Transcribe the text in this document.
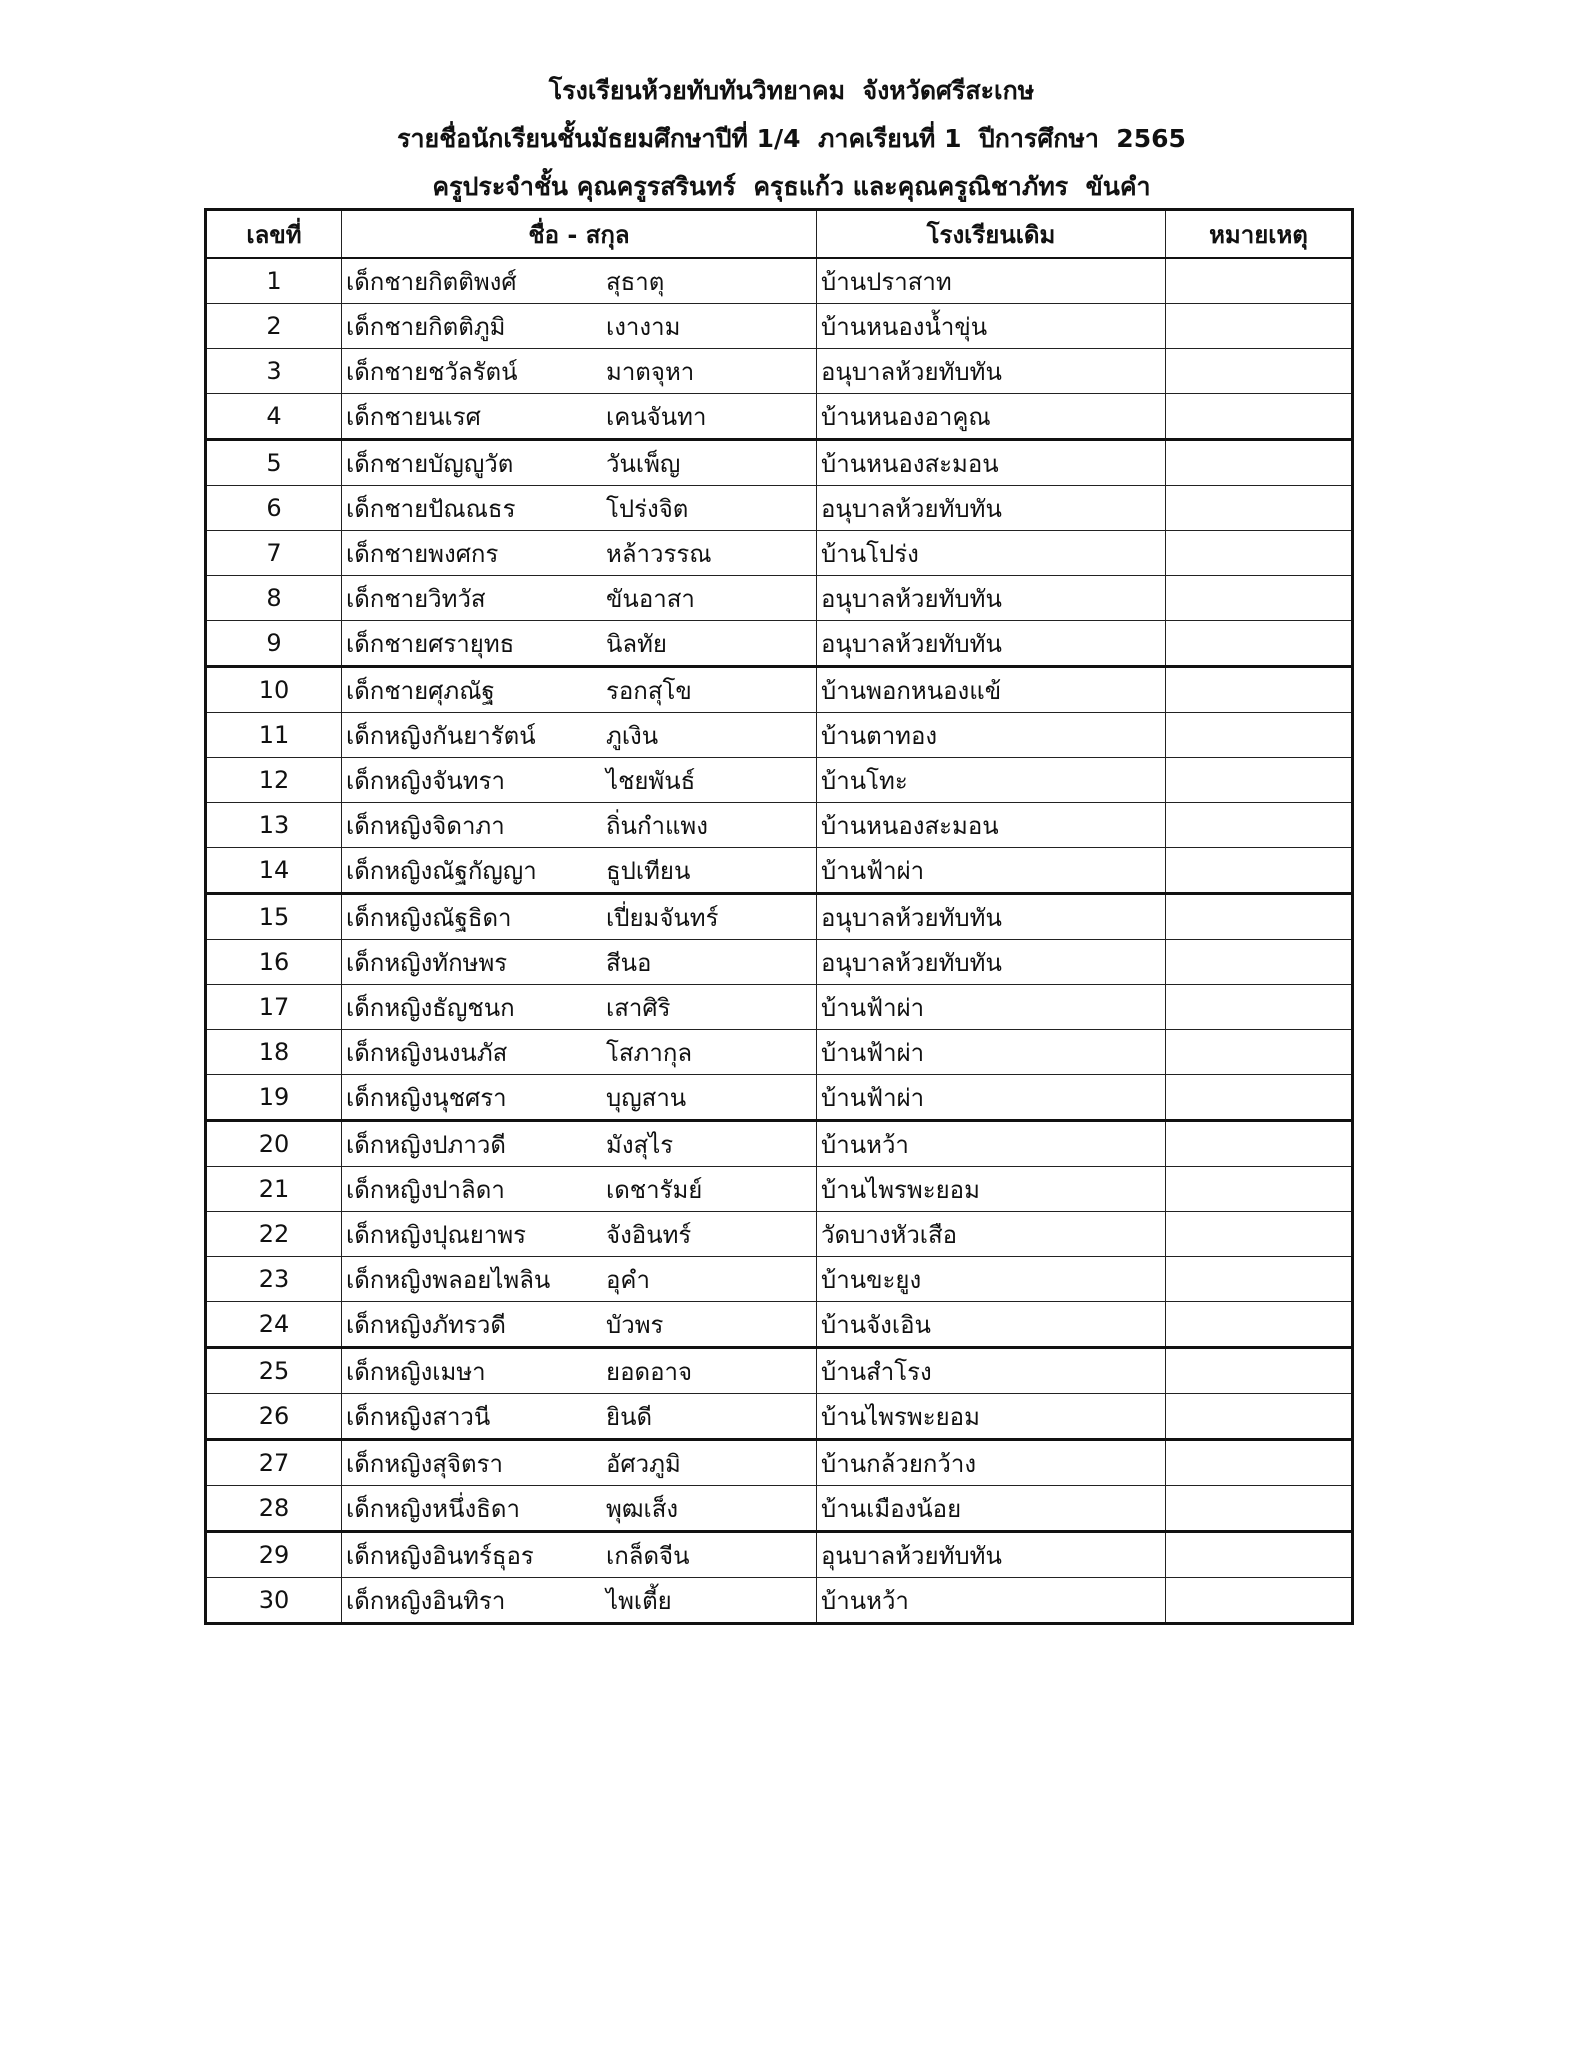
โรงเรียนห้วยทับทันวิทยาคม  จังหวัดศรีสะเกษ
รายชื่อนักเรียนชั้นมัธยมศึกษาปีที่ 1/4  ภาคเรียนที่ 1  ปีการศึกษา  2565
ครูประจำชั้น คุณครูรสรินทร์  ครุธแก้ว และคุณครูณิชาภัทร  ขันคำ
เลขที่	ชื่อ - สกุล	โรงเรียนเดิม	หมายเหตุ
1	เด็กชายกิตติพงศ์ สุธาตุ	บ้านปราสาท	
2	เด็กชายกิตติภูมิ เงางาม	บ้านหนองน้ำขุ่น	
3	เด็กชายชวัลรัตน์ มาตจุหา	อนุบาลห้วยทับทัน	
4	เด็กชายนเรศ เคนจันทา	บ้านหนองอาคูณ	
5	เด็กชายบัญญูวัต วันเพ็ญ	บ้านหนองสะมอน	
6	เด็กชายปัณณธร โปร่งจิต	อนุบาลห้วยทับทัน	
7	เด็กชายพงศกร หล้าวรรณ	บ้านโปร่ง	
8	เด็กชายวิทวัส ขันอาสา	อนุบาลห้วยทับทัน	
9	เด็กชายศรายุทธ นิลทัย	อนุบาลห้วยทับทัน	
10	เด็กชายศุภณัฐ รอกสุโข	บ้านพอกหนองแข้	
11	เด็กหญิงกันยารัตน์ ภูเงิน	บ้านตาทอง	
12	เด็กหญิงจันทรา ไชยพันธ์	บ้านโทะ	
13	เด็กหญิงจิดาภา ถิ่นกำแพง	บ้านหนองสะมอน	
14	เด็กหญิงณัฐกัญญา ธูปเทียน	บ้านฟ้าผ่า	
15	เด็กหญิงณัฐธิดา เปี่ยมจันทร์	อนุบาลห้วยทับทัน	
16	เด็กหญิงทักษพร สีนอ	อนุบาลห้วยทับทัน	
17	เด็กหญิงธัญชนก เสาศิริ	บ้านฟ้าผ่า	
18	เด็กหญิงนงนภัส โสภากุล	บ้านฟ้าผ่า	
19	เด็กหญิงนุชศรา บุญสาน	บ้านฟ้าผ่า	
20	เด็กหญิงปภาวดี มังสุไร	บ้านหว้า	
21	เด็กหญิงปาลิดา เดชารัมย์	บ้านไพรพะยอม	
22	เด็กหญิงปุณยาพร จังอินทร์	วัดบางหัวเสือ	
23	เด็กหญิงพลอยไพลิน อุคำ	บ้านขะยูง	
24	เด็กหญิงภัทรวดี บัวพร	บ้านจังเอิน	
25	เด็กหญิงเมษา ยอดอาจ	บ้านสำโรง	
26	เด็กหญิงสาวนี ยินดี	บ้านไพรพะยอม	
27	เด็กหญิงสุจิตรา อัศวภูมิ	บ้านกล้วยกว้าง	
28	เด็กหญิงหนึ่งธิดา พุฒเส็ง	บ้านเมืองน้อย	
29	เด็กหญิงอินทร์ธุอร เกล็ดจีน	อุนบาลห้วยทับทัน	
30	เด็กหญิงอินทิรา ไพเตี้ย	บ้านหว้า	
